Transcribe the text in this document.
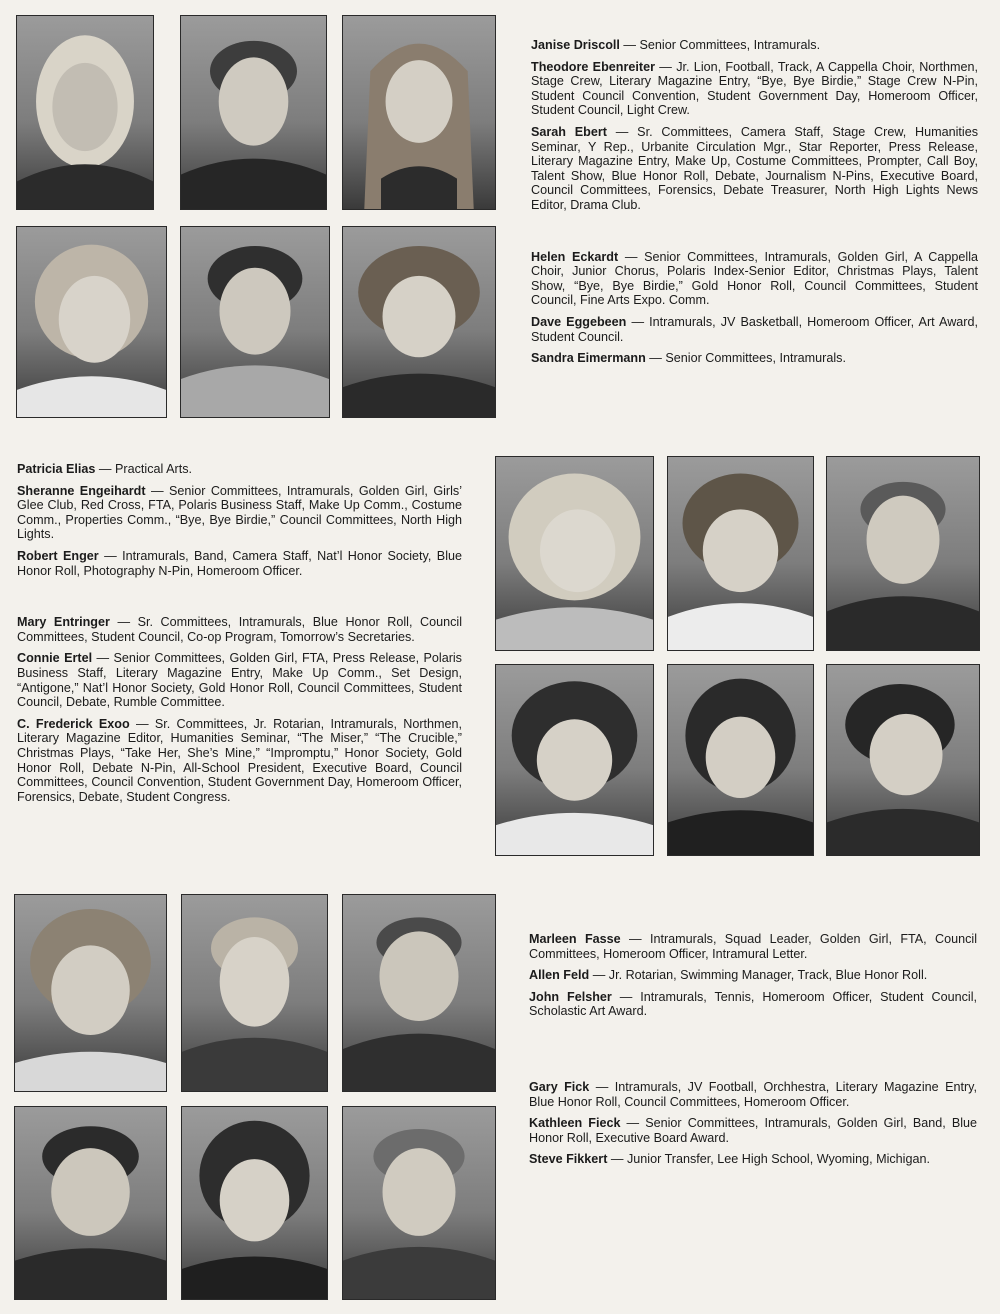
Janise Driscoll — Senior Committees, Intramurals.

Theodore Ebenreiter — Jr. Lion, Football, Track, A Cappella Choir, Northmen, Stage Crew, Literary Magazine Entry, “Bye, Bye Birdie,” Stage Crew N-Pin, Student Council Convention, Student Government Day, Homeroom Officer, Student Council, Light Crew.

Sarah Ebert — Sr. Committees, Camera Staff, Stage Crew, Humanities Seminar, Y Rep., Urbanite Circulation Mgr., Star Reporter, Press Release, Literary Magazine Entry, Make Up, Costume Committees, Prompter, Call Boy, Talent Show, Blue Honor Roll, Debate, Journalism N-Pins, Executive Board, Council Committees, Forensics, Debate Treasurer, North High Lights News Editor, Drama Club.

Helen Eckardt — Senior Committees, Intramurals, Golden Girl, A Cappella Choir, Junior Chorus, Polaris Index-Senior Editor, Christmas Plays, Talent Show, “Bye, Bye Birdie,” Gold Honor Roll, Council Committees, Student Council, Fine Arts Expo. Comm.

Dave Eggebeen — Intramurals, JV Basketball, Homeroom Officer, Art Award, Student Council.

Sandra Eimermann — Senior Committees, Intramurals.

Patricia Elias — Practical Arts.

Sheranne Engeihardt — Senior Committees, Intramurals, Golden Girl, Girls’ Glee Club, Red Cross, FTA, Polaris Business Staff, Make Up Comm., Costume Comm., Properties Comm., “Bye, Bye Birdie,” Council Committees, North High Lights.

Robert Enger — Intramurals, Band, Camera Staff, Nat’l Honor Society, Blue Honor Roll, Photography N-Pin, Homeroom Officer.

Mary Entringer — Sr. Committees, Intramurals, Blue Honor Roll, Council Committees, Student Council, Co-op Program, Tomorrow’s Secretaries.

Connie Ertel — Senior Committees, Golden Girl, FTA, Press Release, Polaris Business Staff, Literary Magazine Entry, Make Up Comm., Set Design, “Antigone,” Nat’l Honor Society, Gold Honor Roll, Council Committees, Student Council, Debate, Rumble Committee.

C. Frederick Exoo — Sr. Committees, Jr. Rotarian, Intramurals, Northmen, Literary Magazine Editor, Humanities Seminar, “The Miser,” “The Crucible,” Christmas Plays, “Take Her, She’s Mine,” “Impromptu,” Honor Society, Gold Honor Roll, Debate N-Pin, All-School President, Executive Board, Council Committees, Council Convention, Student Government Day, Homeroom Officer, Forensics, Debate, Student Congress.

Marleen Fasse — Intramurals, Squad Leader, Golden Girl, FTA, Council Committees, Homeroom Officer, Intramural Letter.

Allen Feld — Jr. Rotarian, Swimming Manager, Track, Blue Honor Roll.

John Felsher — Intramurals, Tennis, Homeroom Officer, Student Council, Scholastic Art Award.

Gary Fick — Intramurals, JV Football, Orchhestra, Literary Magazine Entry, Blue Honor Roll, Council Committees, Homeroom Officer.

Kathleen Fieck — Senior Committees, Intramurals, Golden Girl, Band, Blue Honor Roll, Executive Board Award.

Steve Fikkert — Junior Transfer, Lee High School, Wyoming, Michigan.
